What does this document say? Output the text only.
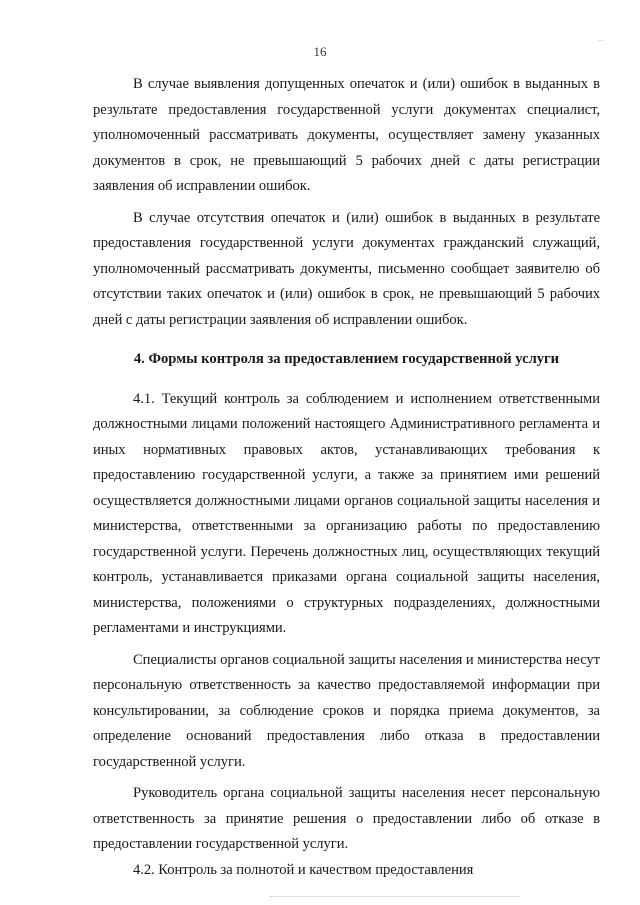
16

В случае выявления допущенных опечаток и (или) ошибок в выданных в результате предоставления государственной услуги документах специалист, уполномоченный рассматривать документы, осуществляет замену указанных документов в срок, не превышающий 5 рабочих дней с даты регистрации заявления об исправлении ошибок.

В случае отсутствия опечаток и (или) ошибок в выданных в результате предоставления государственной услуги документах гражданский служащий, уполномоченный рассматривать документы, письменно сообщает заявителю об отсутствии таких опечаток и (или) ошибок в срок, не превышающий 5 рабочих дней с даты регистрации заявления об исправлении ошибок.

4. Формы контроля за предоставлением государственной услуги

4.1. Текущий контроль за соблюдением и исполнением ответственными должностными лицами положений настоящего Административного регламента и иных нормативных правовых актов, устанавливающих требования к предоставлению государственной услуги, а также за принятием ими решений осуществляется должностными лицами органов социальной защиты населения и министерства, ответственными за организацию работы по предоставлению государственной услуги. Перечень должностных лиц, осуществляющих текущий контроль, устанавливается приказами органа социальной защиты населения, министерства, положениями о структурных подразделениях, должностными регламентами и инструкциями.

Специалисты органов социальной защиты населения и министерства несут персональную ответственность за качество предоставляемой информации при консультировании, за соблюдение сроков и порядка приема документов, за определение оснований предоставления либо отказа в предоставлении государственной услуги.

Руководитель органа социальной защиты населения несет персональную ответственность за принятие решения о предоставлении либо об отказе в предоставлении государственной услуги.

4.2. Контроль за полнотой и качеством предоставления
